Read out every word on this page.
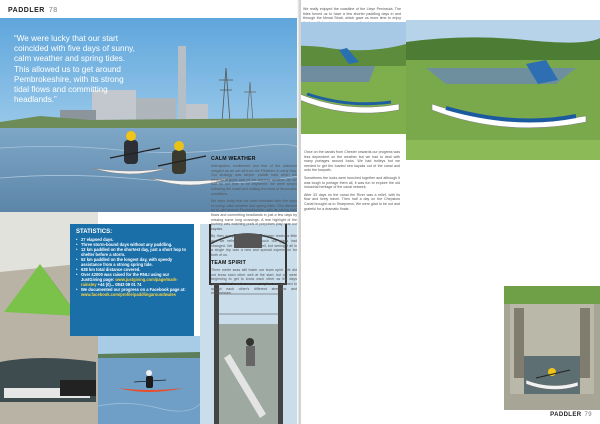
PADDLER 78
“We were lucky that our start coincided with five days of sunny, calm weather and spring tides. This allowed us to get around Pembrokeshire, with its strong tidal flows and committing headlands.”
STATISTICS:
• 27 elapsed days.
• Three storm-bound days without any paddling.
• 12 km paddled on the shortest day, just a short hop to shelter before a storm.
• 52 km paddled on the longest day, with speedy assistance from a strong spring tide.
• 638 km total distance covered.
• Over £2000 was raised for the RNLI using our JustGiving page: www.justgiving.com/page/mark-rainsley +44 (0)... 0843 08 01 74
• We documented our progress on a Facebook page at: www.facebook.com/profile/paddlingaroundwales

We really enjoyed the coastline of the Lleyn Peninsula. The tides forced us to have a few shorter paddling days in and through the Menai Strait, which gave us more time to enjoy

CALM WEATHER

Anticipation, excitement and fear of the unknown mingled as we set off from the Flintshire in early May. Our strategy was simple: paddle hard when the weather is good and sit out adverse weather. As we had no set time to be anywhere, we were simply following the coast and making the most of favourable conditions.

We were lucky that our start coincided with five days of sunny, calm weather and spring tides. This allowed us to get around Pembrokeshire, with its strong tidal flows and committing headlands in just a few days by missing some long crossings. A real highlight of the journey was watching pods of porpoises play near our kayaks.

By then our paddling fitness had been tested a little and we reflected on how much our plans had changed. We knew the coast well, but seeing it all in a single trip was a new and special experience for both of us.

TEAM SPIRIT

Three metre seas still foster our team spirit. We did not know each other well at the start, but we were beginning to get to know each other as the days passed. We found a common rhythm and learned to accept each other's different strengths and weaknesses.

Once on the canals from Chester onwards our progress was less dependent on the weather but we had to deal with many portages around locks. We had trolleys but we needed to get the loaded sea kayaks out of the canal and onto the towpath.

Sometimes the locks were bunched together and although it was tough to portage them all, it was fun to explore the old industrial heritage of the canal network.

After 33 days on the canal the River was a relief, with its flow and lively travel. Then half a day on the Chepstow Canal brought us to Sharpness. We were glad to be out and grateful for a dramatic finale.

PADDLER 79
